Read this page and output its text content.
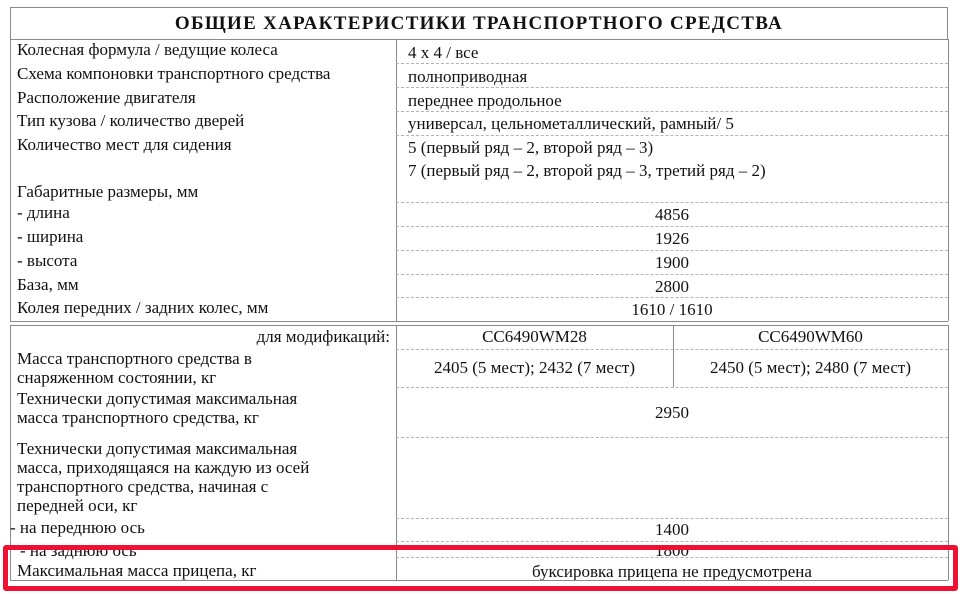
ОБЩИЕ ХАРАКТЕРИСТИКИ ТРАНСПОРТНОГО СРЕДСТВА
Колесная формула / ведущие колеса	4 х 4 / все
Схема компоновки транспортного средства	полноприводная
Расположение двигателя	переднее продольное
Тип кузова / количество дверей	универсал, цельнометаллический, рамный/ 5
Количество мест для сидения	5 (первый ряд – 2, второй ряд – 3)
7 (первый ряд – 2, второй ряд – 3, третий ряд – 2)
Габаритные размеры, мм
- длина	4856
- ширина	1926
- высота	1900
База, мм	2800
Колея передних / задних колес, мм	1610 / 1610
для модификаций:	CC6490WM28	CC6490WM60
Масса транспортного средства в
снаряженном состоянии, кг
2405 (5 мест); 2432 (7 мест)	2450 (5 мест); 2480 (7 мест)
Технически допустимая максимальная
масса транспортного средства, кг	2950
Технически допустимая максимальная
масса, приходящаяся на каждую из осей
транспортного средства, начиная с
передней оси, кг
- на переднюю ось	1400
- на заднюю ось	1800
Максимальная масса прицепа, кг	буксировка прицепа не предусмотрена
